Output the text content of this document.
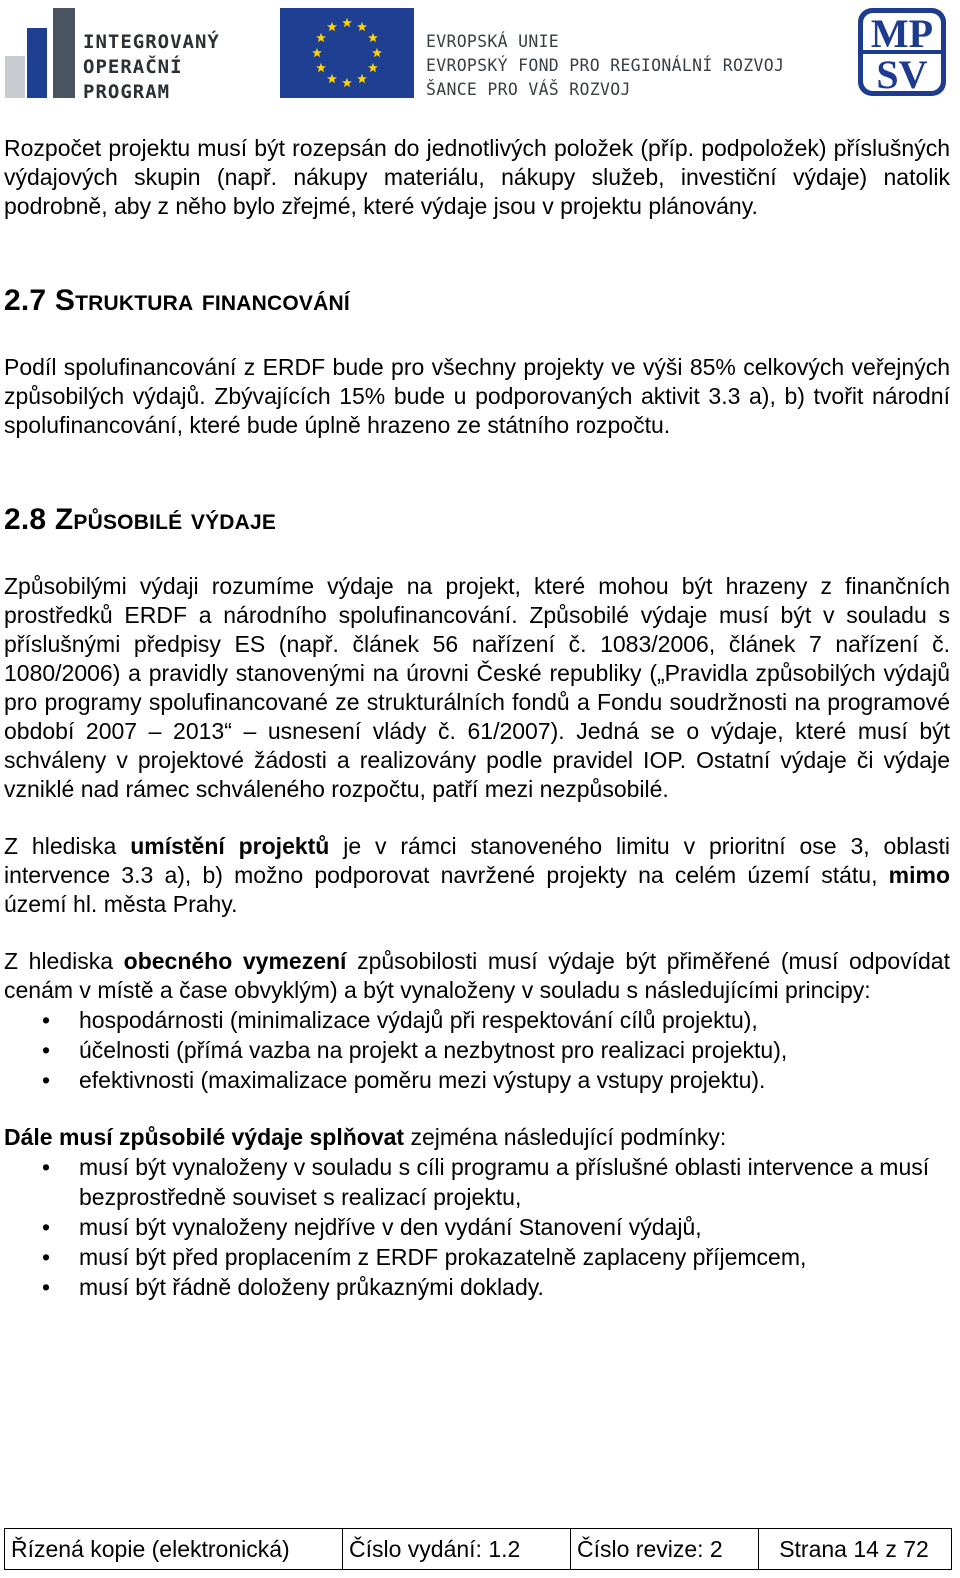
INTEGROVANÝ
OPERAČNÍ
PROGRAM
EVROPSKÁ UNIE
EVROPSKÝ FOND PRO REGIONÁLNÍ ROZVOJ
ŠANCE PRO VÁŠ ROZVOJ
MP
SV

Rozpočet projektu musí být rozepsán do jednotlivých položek (příp. podpoložek) příslušných výdajových skupin (např. nákupy materiálu, nákupy služeb, investiční výdaje) natolik podrobně, aby z něho bylo zřejmé, které výdaje jsou v projektu plánovány.

2.7 Struktura financování

Podíl spolufinancování z ERDF bude pro všechny projekty ve výši 85% celkových veřejných způsobilých výdajů. Zbývajících 15% bude u podporovaných aktivit 3.3 a), b) tvořit národní spolufinancování, které bude úplně hrazeno ze státního rozpočtu.

2.8 Způsobilé výdaje

Způsobilými výdaji rozumíme výdaje na projekt, které mohou být hrazeny z finančních prostředků ERDF a národního spolufinancování. Způsobilé výdaje musí být v souladu s příslušnými předpisy ES (např. článek 56 nařízení č. 1083/2006, článek 7 nařízení č. 1080/2006) a pravidly stanovenými na úrovni České republiky („Pravidla způsobilých výdajů pro programy spolufinancované ze strukturálních fondů a Fondu soudržnosti na programové období 2007 – 2013“ – usnesení vlády č. 61/2007). Jedná se o výdaje, které musí být schváleny v projektové žádosti a realizovány podle pravidel IOP. Ostatní výdaje či výdaje vzniklé nad rámec schváleného rozpočtu, patří mezi nezpůsobilé.

Z hlediska umístění projektů je v rámci stanoveného limitu v prioritní ose 3, oblasti intervence 3.3 a), b) možno podporovat navržené projekty na celém území státu, mimo území hl. města Prahy.

Z hlediska obecného vymezení způsobilosti musí výdaje být přiměřené (musí odpovídat cenám v místě a čase obvyklým) a být vynaloženy v souladu s následujícími principy:

• hospodárnosti (minimalizace výdajů při respektování cílů projektu),
• účelnosti (přímá vazba na projekt a nezbytnost pro realizaci projektu),
• efektivnosti (maximalizace poměru mezi výstupy a vstupy projektu).

Dále musí způsobilé výdaje splňovat zejména následující podmínky:

• musí být vynaloženy v souladu s cíli programu a příslušné oblasti intervence a musí bezprostředně souviset s realizací projektu,
• musí být vynaloženy nejdříve v den vydání Stanovení výdajů,
• musí být před proplacením z ERDF prokazatelně zaplaceny příjemcem,
• musí být řádně doloženy průkaznými doklady.
Řízená kopie (elektronická)	Číslo vydání: 1.2	Číslo revize: 2	Strana 14 z 72
